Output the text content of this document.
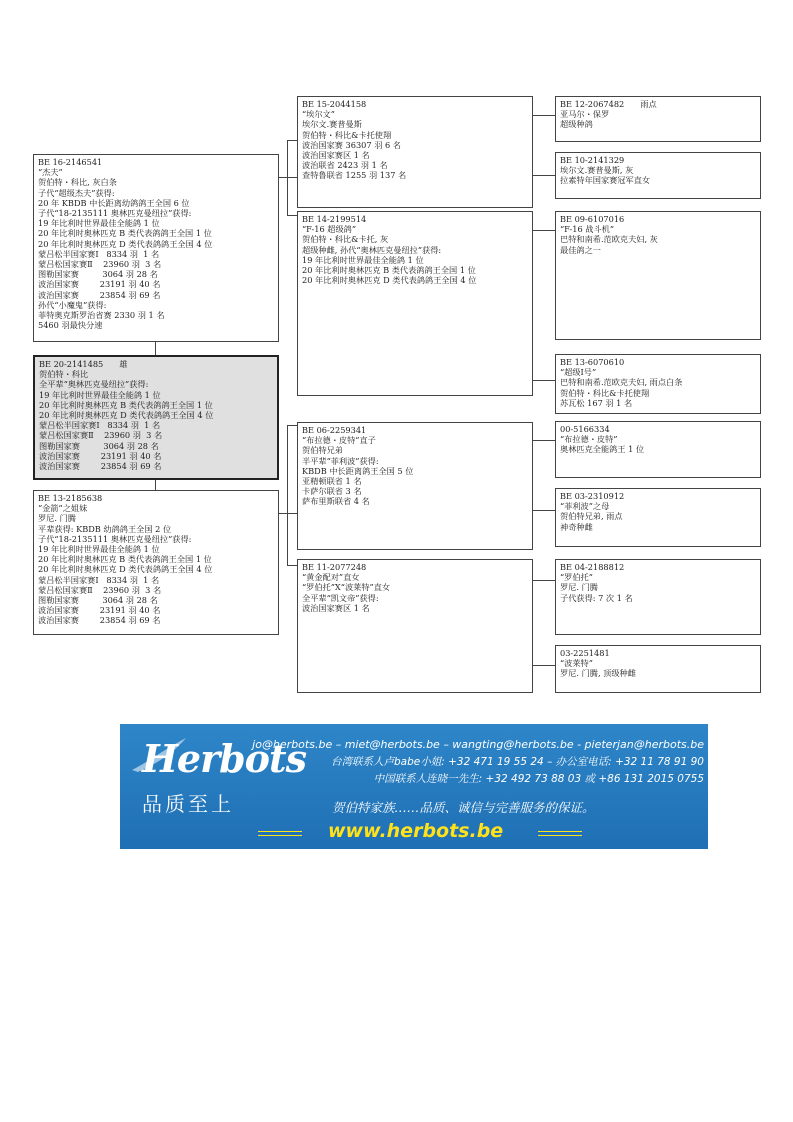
BE 16-2146541
“杰夫”
贺伯特・科比, 灰白条
子代“超级杰夫”获得:
20 年 KBDB 中长距离幼鸽鸽王全国 6 位
子代“18-2135111 奥林匹克曼纽拉”获得:
19 年比利时世界最佳全能鸽 1 位
20 年比利时奥林匹克 B 类代表鸽鸽王全国 1 位
20 年比利时奥林匹克 D 类代表鸽鸽王全国 4 位
蒙吕松半国家赛Ⅰ   8334 羽  1 名
蒙吕松国家赛Ⅱ    23960 羽  3 名
图勒国家赛         3064 羽 28 名
波治国家赛        23191 羽 40 名
波治国家赛        23854 羽 69 名
孙代“小魔鬼”获得:
菲特奥克斯罗治省赛 2330 羽 1 名
5460 羽最快分速
BE 20-2141485 雄
贺伯特・科比
全平辈“奥林匹克曼纽拉”获得:
19 年比利时世界最佳全能鸽 1 位
20 年比利时奥林匹克 B 类代表鸽鸽王全国 1 位
20 年比利时奥林匹克 D 类代表鸽鸽王全国 4 位
蒙吕松半国家赛Ⅰ   8334 羽  1 名
蒙吕松国家赛Ⅱ    23960 羽  3 名
图勒国家赛         3064 羽 28 名
波治国家赛        23191 羽 40 名
波治国家赛        23854 羽 69 名
BE 13-2185638
“金箭”之姐妹
罗尼. 门腾
平辈获得: KBDB 幼鸽鸽王全国 2 位
子代“18-2135111 奥林匹克曼纽拉”获得:
19 年比利时世界最佳全能鸽 1 位
20 年比利时奥林匹克 B 类代表鸽鸽王全国 1 位
20 年比利时奥林匹克 D 类代表鸽鸽王全国 4 位
蒙吕松半国家赛Ⅰ   8334 羽  1 名
蒙吕松国家赛Ⅱ    23960 羽  3 名
图勒国家赛         3064 羽 28 名
波治国家赛        23191 羽 40 名
波治国家赛        23854 羽 69 名
BE 15-2044158
“埃尔文”
埃尔文.赛普曼斯
贺伯特・科比&卡托使翔
波治国家赛 36307 羽 6 名
波治国家赛区 1 名
波治联省 2423 羽 1 名
查特鲁联省 1255 羽 137 名
BE 14-2199514
“F-16 超级鸽”
贺伯特・科比&卡托, 灰
超级种雌, 孙代“奥林匹克曼纽拉”获得:
19 年比利时世界最佳全能鸽 1 位
20 年比利时奥林匹克 B 类代表鸽鸽王全国 1 位
20 年比利时奥林匹克 D 类代表鸽鸽王全国 4 位
BE 06-2259341
“布拉德・皮特”直子
贺伯特兄弟
半平辈“菲利波”获得:
KBDB 中长距离鸽王全国 5 位
亚精顿联省 1 名
卡萨尔联省 3 名
萨布里斯联省 4 名
BE 11-2077248
“黄金配对”直女
“罗伯托”X“波莱特”直女
全平辈“凯文帝”获得:
波治国家赛区 1 名
BE 12-2067482 雨点
亚马尔・保罗
超级种鸽
BE 10-2141329
埃尔文.赛普曼斯, 灰
拉素特年国家赛冠军直女
BE 09-6107016
“F-16 战斗机”
巴特和南希.范欧克夫妇, 灰
最佳鸽之一
BE 13-6070610
“超级Ⅰ号”
巴特和南希.范欧克夫妇, 雨点白条
贺伯特・科比&卡托使翔
苏瓦松 167 羽 1 名
00-5166334
“布拉德・皮特”
奥林匹克全能鸽王 1 位
BE 03-2310912
“菲利波”之母
贺伯特兄弟, 雨点
神奇种雌
BE 04-2188812
“罗伯托”
罗尼. 门腾
子代获得: 7 次 1 名
03-2251481
“波莱特”
罗尼. 门腾, 顶级种雌
Herbots
品质至上
jo@herbots.be – miet@herbots.be – wangting@herbots.be - pieterjan@herbots.be
台湾联系人卢babe小姐: +32 471 19 55 24 – 办公室电话: +32 11 78 91 90
中国联系人连晓一先生: +32 492 73 88 03 或 +86 131 2015 0755
贺伯特家族……品质、诚信与完善服务的保证。
www.herbots.be
